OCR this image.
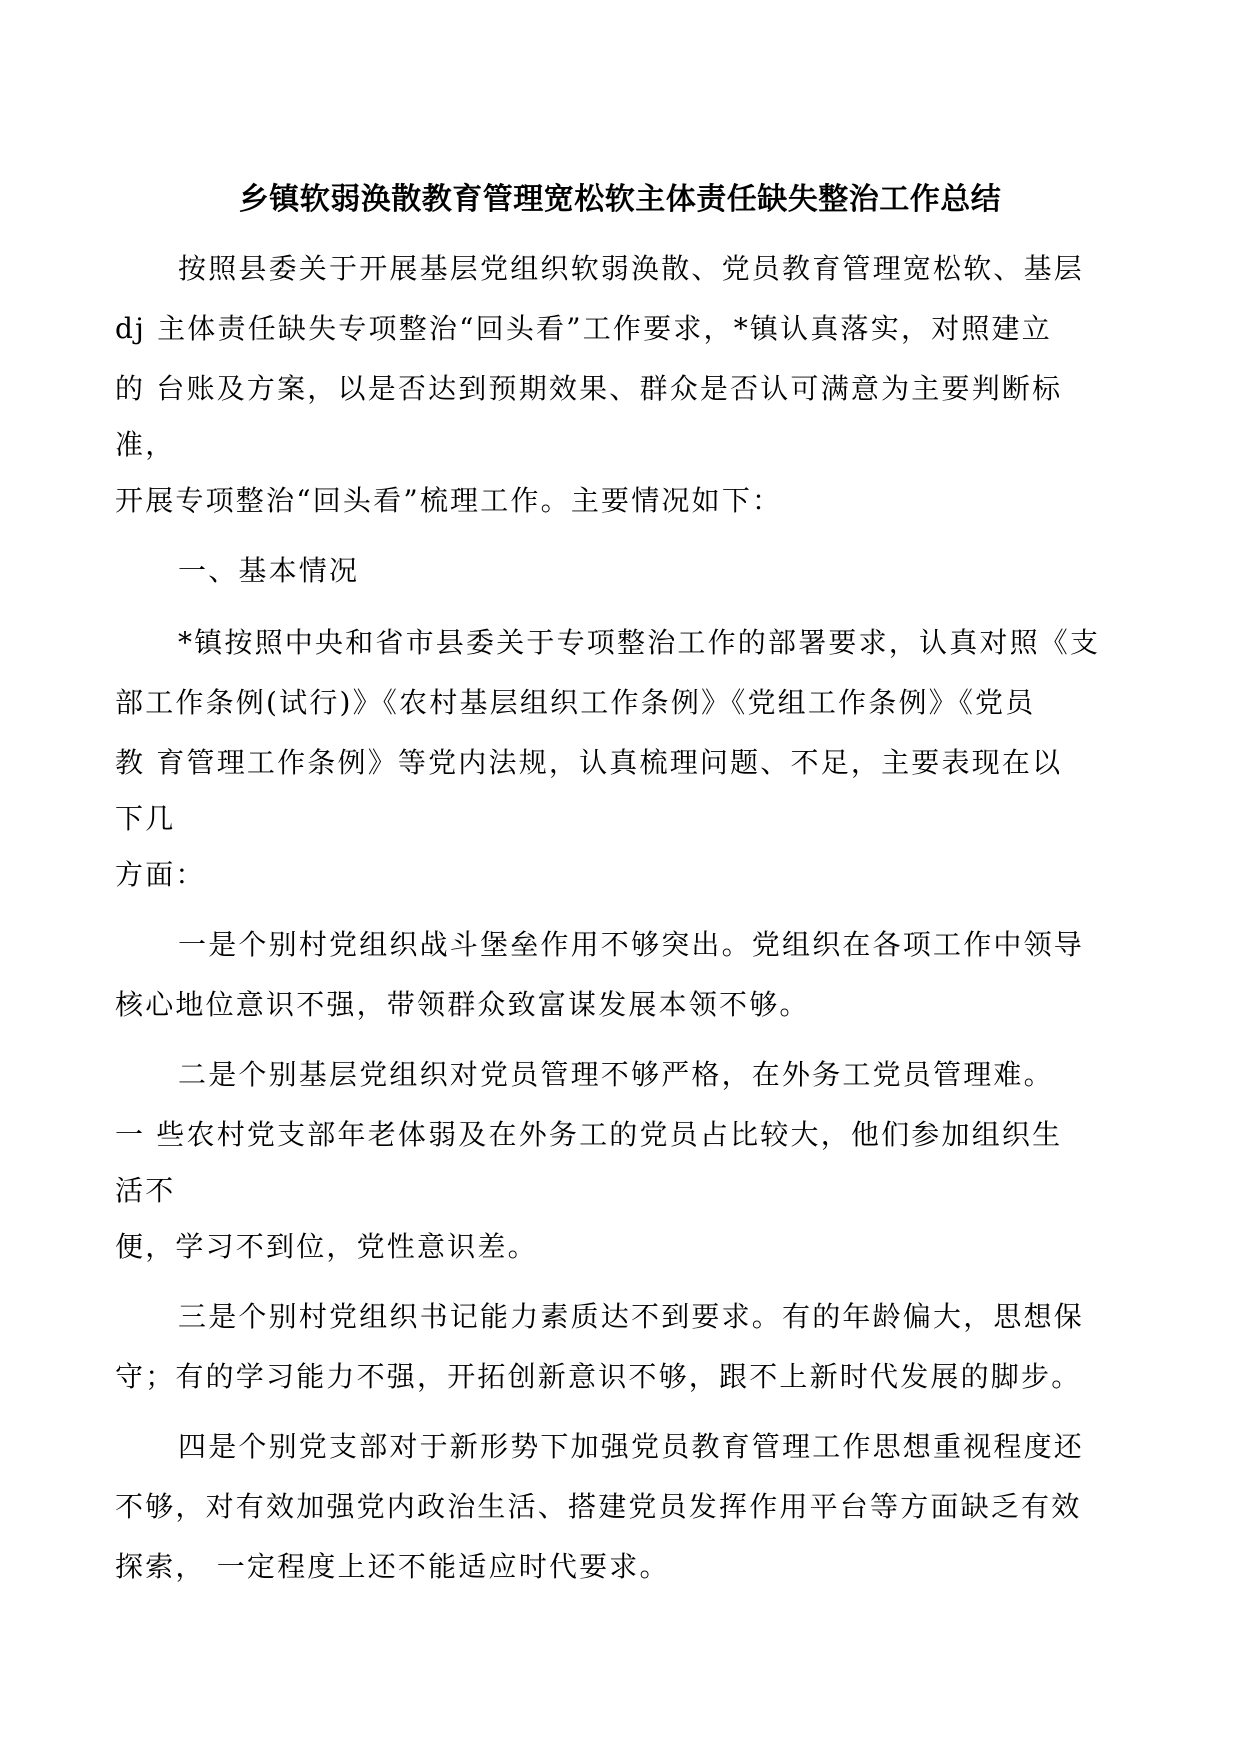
乡镇软弱涣散教育管理宽松软主体责任缺失整治工作总结
按照县委关于开展基层党组织软弱涣散、党员教育管理宽松软、基层
dj 主体责任缺失专项整治“回头看”工作要求，*镇认真落实，对照建立
的 台账及方案，以是否达到预期效果、群众是否认可满意为主要判断标
准，
开展专项整治“回头看”梳理工作。主要情况如下：
一、基本情况
*镇按照中央和省市县委关于专项整治工作的部署要求，认真对照《支
部工作条例(试行)》《农村基层组织工作条例》《党组工作条例》《党员
教 育管理工作条例》等党内法规，认真梳理问题、不足，主要表现在以
下几
方面：
一是个别村党组织战斗堡垒作用不够突出。党组织在各项工作中领导
核心地位意识不强，带领群众致富谋发展本领不够。
二是个别基层党组织对党员管理不够严格，在外务工党员管理难。
一 些农村党支部年老体弱及在外务工的党员占比较大，他们参加组织生
活不
便，学习不到位，党性意识差。
三是个别村党组织书记能力素质达不到要求。有的年龄偏大，思想保
守；有的学习能力不强，开拓创新意识不够，跟不上新时代发展的脚步。
四是个别党支部对于新形势下加强党员教育管理工作思想重视程度还
不够，对有效加强党内政治生活、搭建党员发挥作用平台等方面缺乏有效
探索， 一定程度上还不能适应时代要求。
